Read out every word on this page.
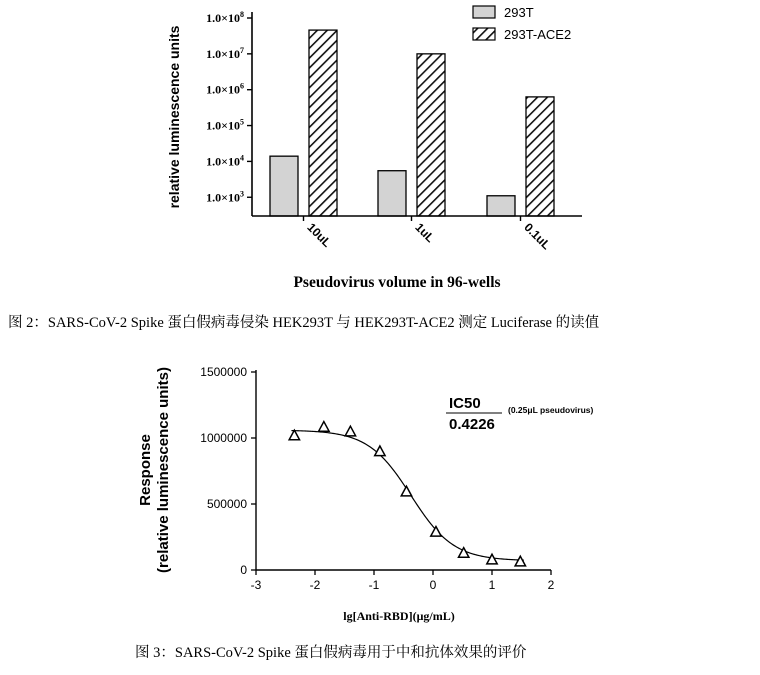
$1.0\times 10^3$
$1.0\times 10^4$
$1.0\times 10^5$
$1.0\times 10^6$
$1.0\times 10^7$
$1.0\times 10^8$
10uL	1uL	0.1uL
relative luminescence units
Pseudovirus volume in 96-wells
293T
293T-ACE2
图 2：SARS-CoV-2 Spike 蛋白假病毒侵染 HEK293T 与 HEK293T-ACE2 测定 Luciferase 的读值
0
500000
1000000
1500000
-3	-2	-1	0	1	2
Response (relative luminescence units)
lg[Anti-RBD](μg/mL)
IC50
0.4226
(0.25μL pseudovirus)
图 3：SARS-CoV-2 Spike 蛋白假病毒用于中和抗体效果的评价
